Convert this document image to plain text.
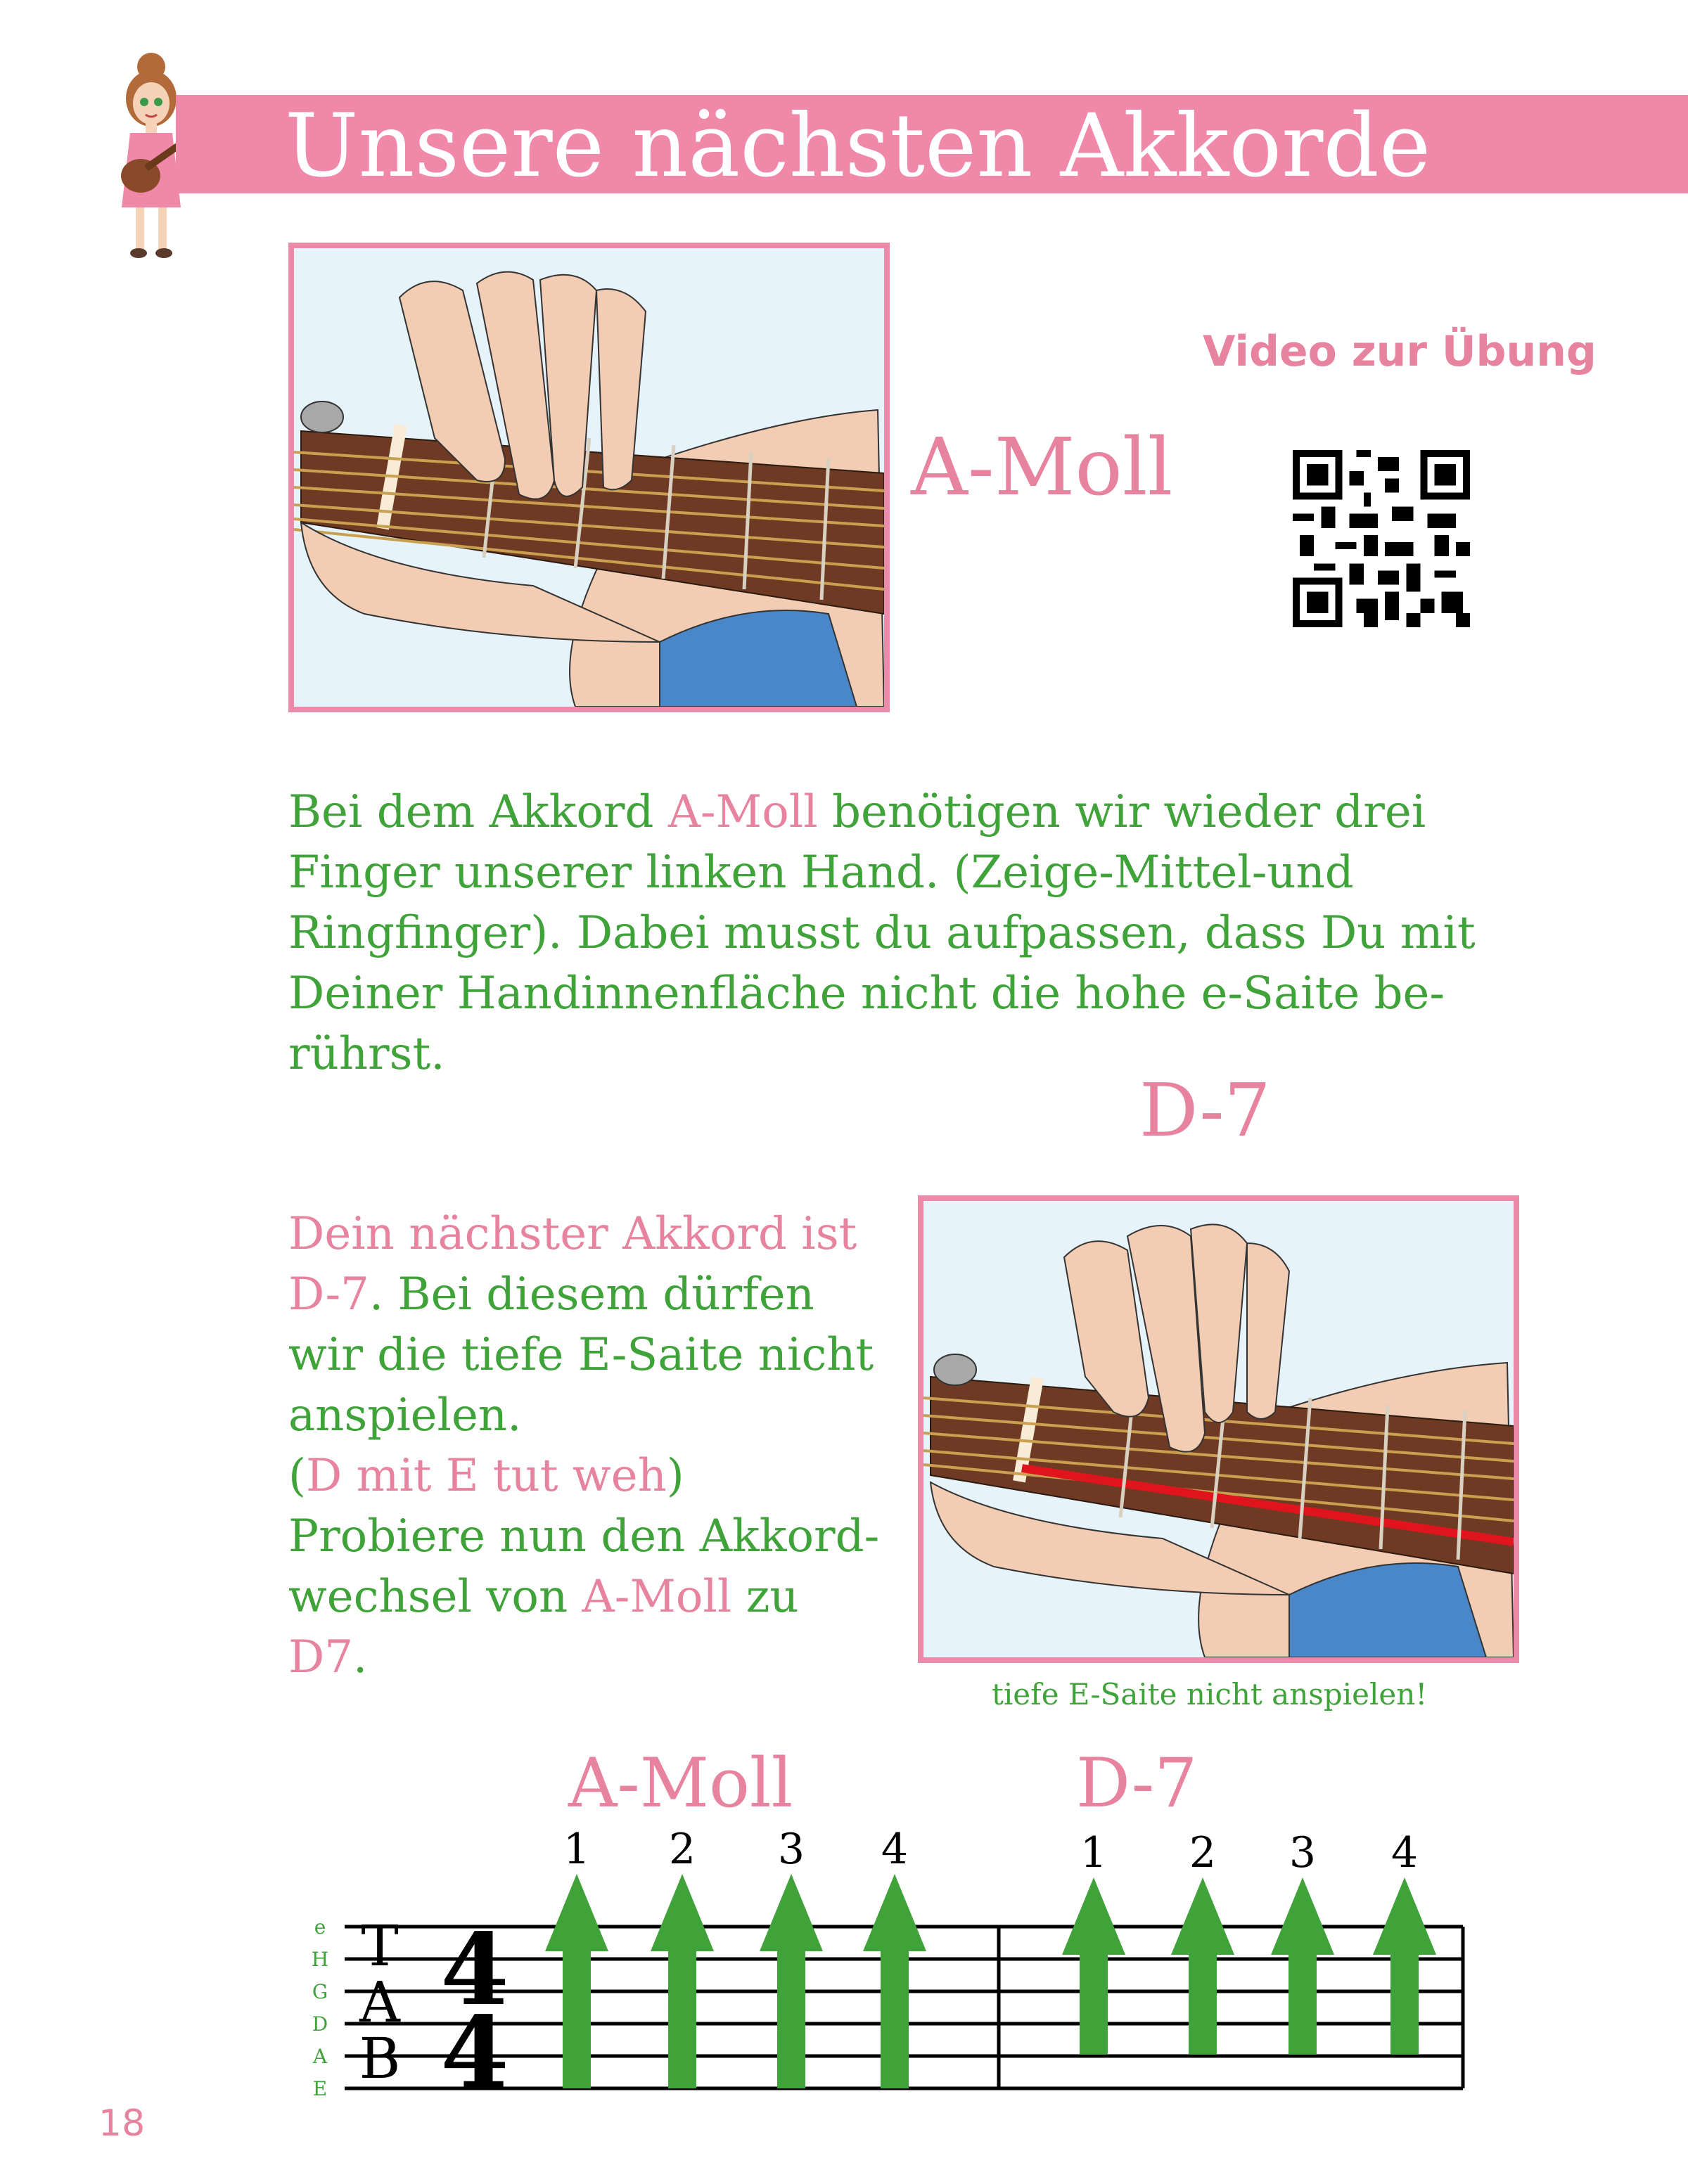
Unsere nächsten Akkorde
Video zur Übung
A-Moll
Bei dem Akkord A-Moll benötigen wir wieder drei Finger unserer linken Hand. (Zeige-Mittel-und Ringfinger). Dabei musst du aufpassen, dass Du mit Deiner Handinnenfläche nicht die hohe e-Saite be-rührst.
D-7
Dein nächster Akkord ist
D-7. Bei diesem dürfen
wir die tiefe E-Saite nicht
anspielen.
(D mit E tut weh)
Probiere nun den Akkord-
wechsel von A-Moll zu
D7.
tiefe E-Saite nicht anspielen!
A-Moll	D-7
e
H
G
D
A
E
T
A
B
4
4
1 2 3 4	1 2 3 4
18
